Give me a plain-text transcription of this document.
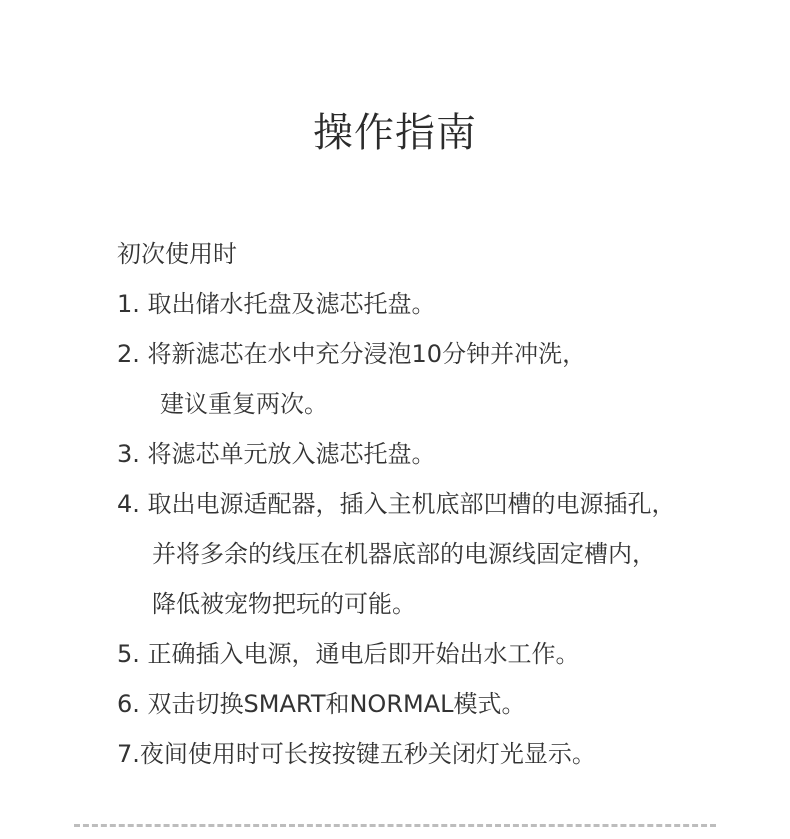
操作指南
初次使用时
1. 取出储水托盘及滤芯托盘。
2. 将新滤芯在水中充分浸泡10分钟并冲洗，
建议重复两次。
3. 将滤芯单元放入滤芯托盘。
4. 取出电源适配器，插入主机底部凹槽的电源插孔，
并将多余的线压在机器底部的电源线固定槽内，
降低被宠物把玩的可能。
5. 正确插入电源，通电后即开始出水工作。
6. 双击切换SMART和NORMAL模式。
7.夜间使用时可长按按键五秒关闭灯光显示。
